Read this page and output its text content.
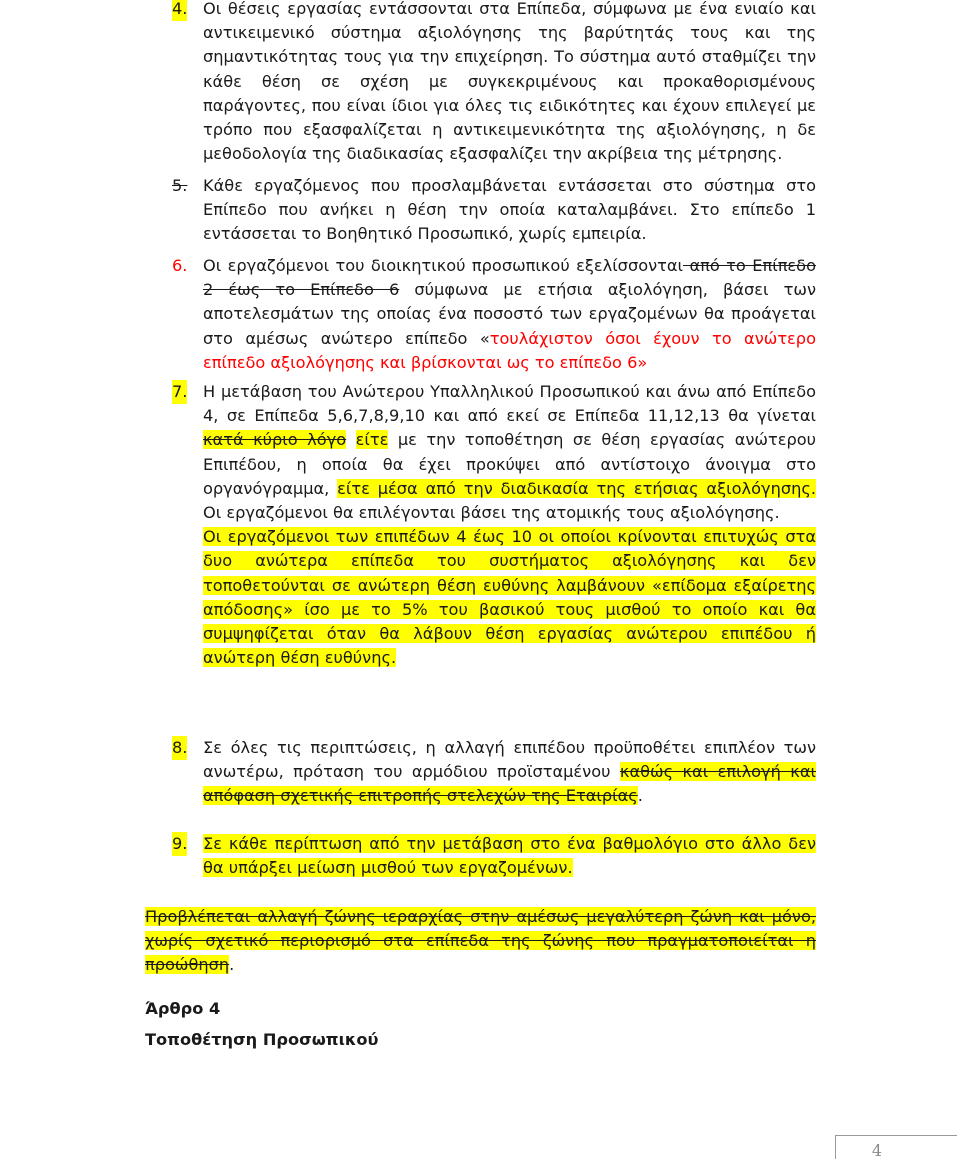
4. Οι θέσεις εργασίας εντάσσονται στα Επίπεδα, σύμφωνα με ένα ενιαίο και αντικειμενικό σύστημα αξιολόγησης της βαρύτητάς τους και της σημαντικότητας τους για την επιχείρηση. Το σύστημα αυτό σταθμίζει την κάθε θέση σε σχέση με συγκεκριμένους και προκαθορισμένους παράγοντες, που είναι ίδιοι για όλες τις ειδικότητες και έχουν επιλεγεί με τρόπο που εξασφαλίζεται η αντικειμενικότητα της αξιολόγησης, η δε μεθοδολογία της διαδικασίας εξασφαλίζει την ακρίβεια της μέτρησης.
5. Κάθε εργαζόμενος που προσλαμβάνεται εντάσσεται στο σύστημα στο Επίπεδο που ανήκει η θέση την οποία καταλαμβάνει. Στο επίπεδο 1 εντάσσεται το Βοηθητικό Προσωπικό, χωρίς εμπειρία.
6. Οι εργαζόμενοι του διοικητικού προσωπικού εξελίσσονται από το Επίπεδο 2 έως το Επίπεδο 6 σύμφωνα με ετήσια αξιολόγηση, βάσει των αποτελεσμάτων της οποίας ένα ποσοστό των εργαζομένων θα προάγεται στο αμέσως ανώτερο επίπεδο «τουλάχιστον όσοι έχουν το ανώτερο επίπεδο αξιολόγησης και βρίσκονται ως το επίπεδο 6»
7. Η μετάβαση του Ανώτερου Υπαλληλικού Προσωπικού και άνω από Επίπεδο 4, σε Επίπεδα 5,6,7,8,9,10 και από εκεί σε Επίπεδα 11,12,13 θα γίνεται κατά κύριο λόγο είτε με την τοποθέτηση σε θέση εργασίας ανώτερου Επιπέδου, η οποία θα έχει προκύψει από αντίστοιχο άνοιγμα στο οργανόγραμμα, είτε μέσα από την διαδικασία της ετήσιας αξιολόγησης. Οι εργαζόμενοι θα επιλέγονται βάσει της ατομικής τους αξιολόγησης.
Οι εργαζόμενοι των επιπέδων 4 έως 10 οι οποίοι κρίνονται επιτυχώς στα δυο ανώτερα επίπεδα του συστήματος αξιολόγησης και δεν τοποθετούνται σε ανώτερη θέση ευθύνης λαμβάνουν «επίδομα εξαίρετης απόδοσης» ίσο με το 5% του βασικού τους μισθού το οποίο και θα συμψηφίζεται όταν θα λάβουν θέση εργασίας ανώτερου επιπέδου ή ανώτερη θέση ευθύνης.
8. Σε όλες τις περιπτώσεις, η αλλαγή επιπέδου προϋποθέτει επιπλέον των ανωτέρω, πρόταση του αρμόδιου προϊσταμένου καθώς και επιλογή και απόφαση σχετικής επιτροπής στελεχών της Εταιρίας.
9. Σε κάθε περίπτωση από την μετάβαση στο ένα βαθμολόγιο στο άλλο δεν θα υπάρξει μείωση μισθού των εργαζομένων.
Προβλέπεται αλλαγή ζώνης ιεραρχίας στην αμέσως μεγαλύτερη ζώνη και μόνο, χωρίς σχετικό περιορισμό στα επίπεδα της ζώνης που πραγματοποιείται η προώθηση.
Άρθρο 4
Τοποθέτηση Προσωπικού
4
